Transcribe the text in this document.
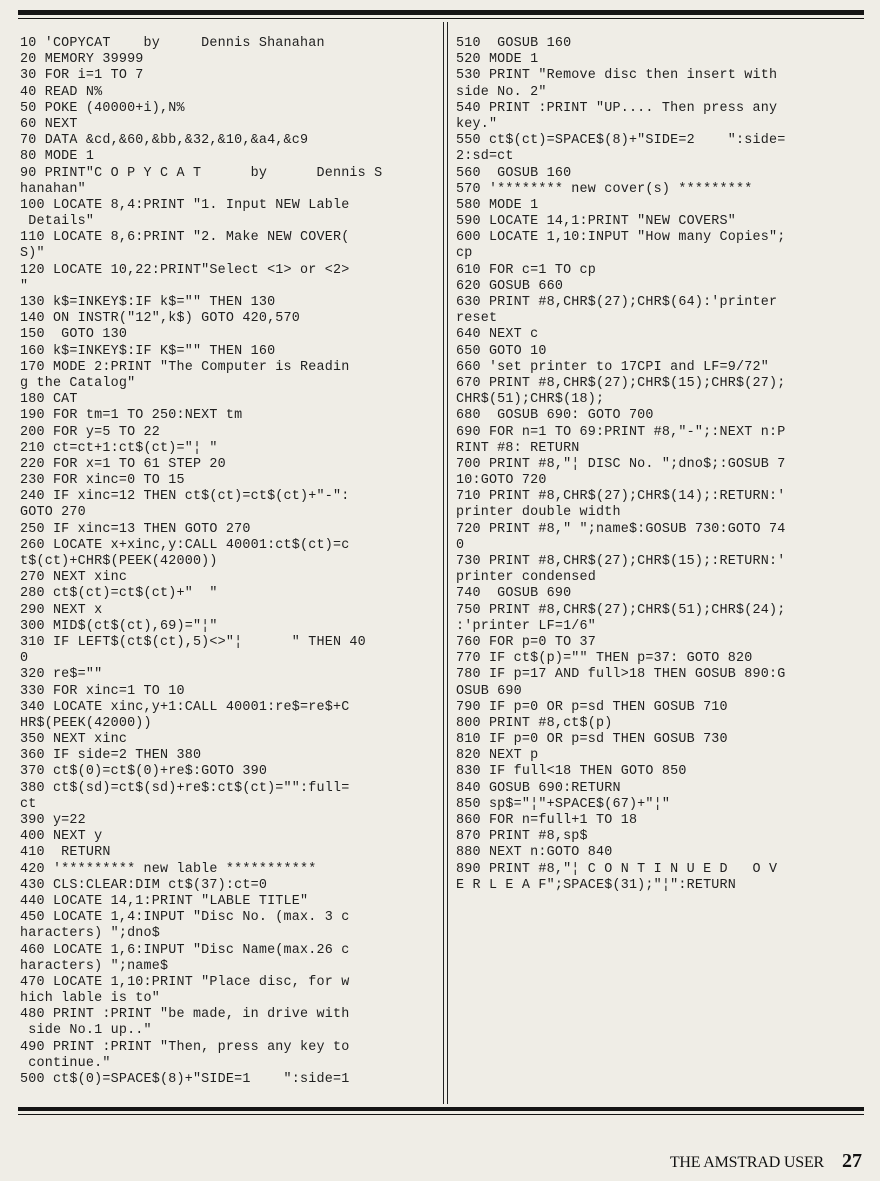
10 'COPYCAT    by     Dennis Shanahan
20 MEMORY 39999
30 FOR i=1 TO 7
40 READ N%
50 POKE (40000+i),N%
60 NEXT
70 DATA &cd,&60,&bb,&32,&10,&a4,&c9
80 MODE 1
90 PRINT"C O P Y C A T      by      Dennis S
hanahan"
100 LOCATE 8,4:PRINT "1. Input NEW Lable
Details"
110 LOCATE 8,6:PRINT "2. Make NEW COVER(
S)"
120 LOCATE 10,22:PRINT"Select <1> or <2>
"
130 k$=INKEY$:IF k$="" THEN 130
140 ON INSTR("12",k$) GOTO 420,570
150  GOTO 130
160 k$=INKEY$:IF K$="" THEN 160
170 MODE 2:PRINT "The Computer is Readin
g the Catalog"
180 CAT
190 FOR tm=1 TO 250:NEXT tm
200 FOR y=5 TO 22
210 ct=ct+1:ct$(ct)="¦ "
220 FOR x=1 TO 61 STEP 20
230 FOR xinc=0 TO 15
240 IF xinc=12 THEN ct$(ct)=ct$(ct)+"-":
GOTO 270
250 IF xinc=13 THEN GOTO 270
260 LOCATE x+xinc,y:CALL 40001:ct$(ct)=c
t$(ct)+CHR$(PEEK(42000))
270 NEXT xinc
280 ct$(ct)=ct$(ct)+"  "
290 NEXT x
300 MID$(ct$(ct),69)="¦"
310 IF LEFT$(ct$(ct),5)<>"¦      " THEN 40
0
320 re$=""
330 FOR xinc=1 TO 10
340 LOCATE xinc,y+1:CALL 40001:re$=re$+C
HR$(PEEK(42000))
350 NEXT xinc
360 IF side=2 THEN 380
370 ct$(0)=ct$(0)+re$:GOTO 390
380 ct$(sd)=ct$(sd)+re$:ct$(ct)="":full=
ct
390 y=22
400 NEXT y
410  RETURN
420 '********* new lable ***********
430 CLS:CLEAR:DIM ct$(37):ct=0
440 LOCATE 14,1:PRINT "LABLE TITLE"
450 LOCATE 1,4:INPUT "Disc No. (max. 3 c
haracters) ";dno$
460 LOCATE 1,6:INPUT "Disc Name(max.26 c
haracters) ";name$
470 LOCATE 1,10:PRINT "Place disc, for w
hich lable is to"
480 PRINT :PRINT "be made, in drive with
side No.1 up.."
490 PRINT :PRINT "Then, press any key to
continue."
500 ct$(0)=SPACE$(8)+"SIDE=1    ":side=1
510  GOSUB 160
520 MODE 1
530 PRINT "Remove disc then insert with
side No. 2"
540 PRINT :PRINT "UP.... Then press any
key."
550 ct$(ct)=SPACE$(8)+"SIDE=2    ":side=
2:sd=ct
560  GOSUB 160
570 '******** new cover(s) *********
580 MODE 1
590 LOCATE 14,1:PRINT "NEW COVERS"
600 LOCATE 1,10:INPUT "How many Copies";
cp
610 FOR c=1 TO cp
620 GOSUB 660
630 PRINT #8,CHR$(27);CHR$(64):'printer
reset
640 NEXT c
650 GOTO 10
660 'set printer to 17CPI and LF=9/72"
670 PRINT #8,CHR$(27);CHR$(15);CHR$(27);
CHR$(51);CHR$(18);
680  GOSUB 690: GOTO 700
690 FOR n=1 TO 69:PRINT #8,"-";:NEXT n:P
RINT #8: RETURN
700 PRINT #8,"¦ DISC No. ";dno$;:GOSUB 7
10:GOTO 720
710 PRINT #8,CHR$(27);CHR$(14);:RETURN:'
printer double width
720 PRINT #8," ";name$:GOSUB 730:GOTO 74
0
730 PRINT #8,CHR$(27);CHR$(15);:RETURN:'
printer condensed
740  GOSUB 690
750 PRINT #8,CHR$(27);CHR$(51);CHR$(24);
:'printer LF=1/6"
760 FOR p=0 TO 37
770 IF ct$(p)="" THEN p=37: GOTO 820
780 IF p=17 AND full>18 THEN GOSUB 890:G
OSUB 690
790 IF p=0 OR p=sd THEN GOSUB 710
800 PRINT #8,ct$(p)
810 IF p=0 OR p=sd THEN GOSUB 730
820 NEXT p
830 IF full<18 THEN GOTO 850
840 GOSUB 690:RETURN
850 sp$="¦"+SPACE$(67)+"¦"
860 FOR n=full+1 TO 18
870 PRINT #8,sp$
880 NEXT n:GOTO 840
890 PRINT #8,"¦ C O N T I N U E D   O V
E R L E A F";SPACE$(31);"¦":RETURN
THE AMSTRAD USER 27
